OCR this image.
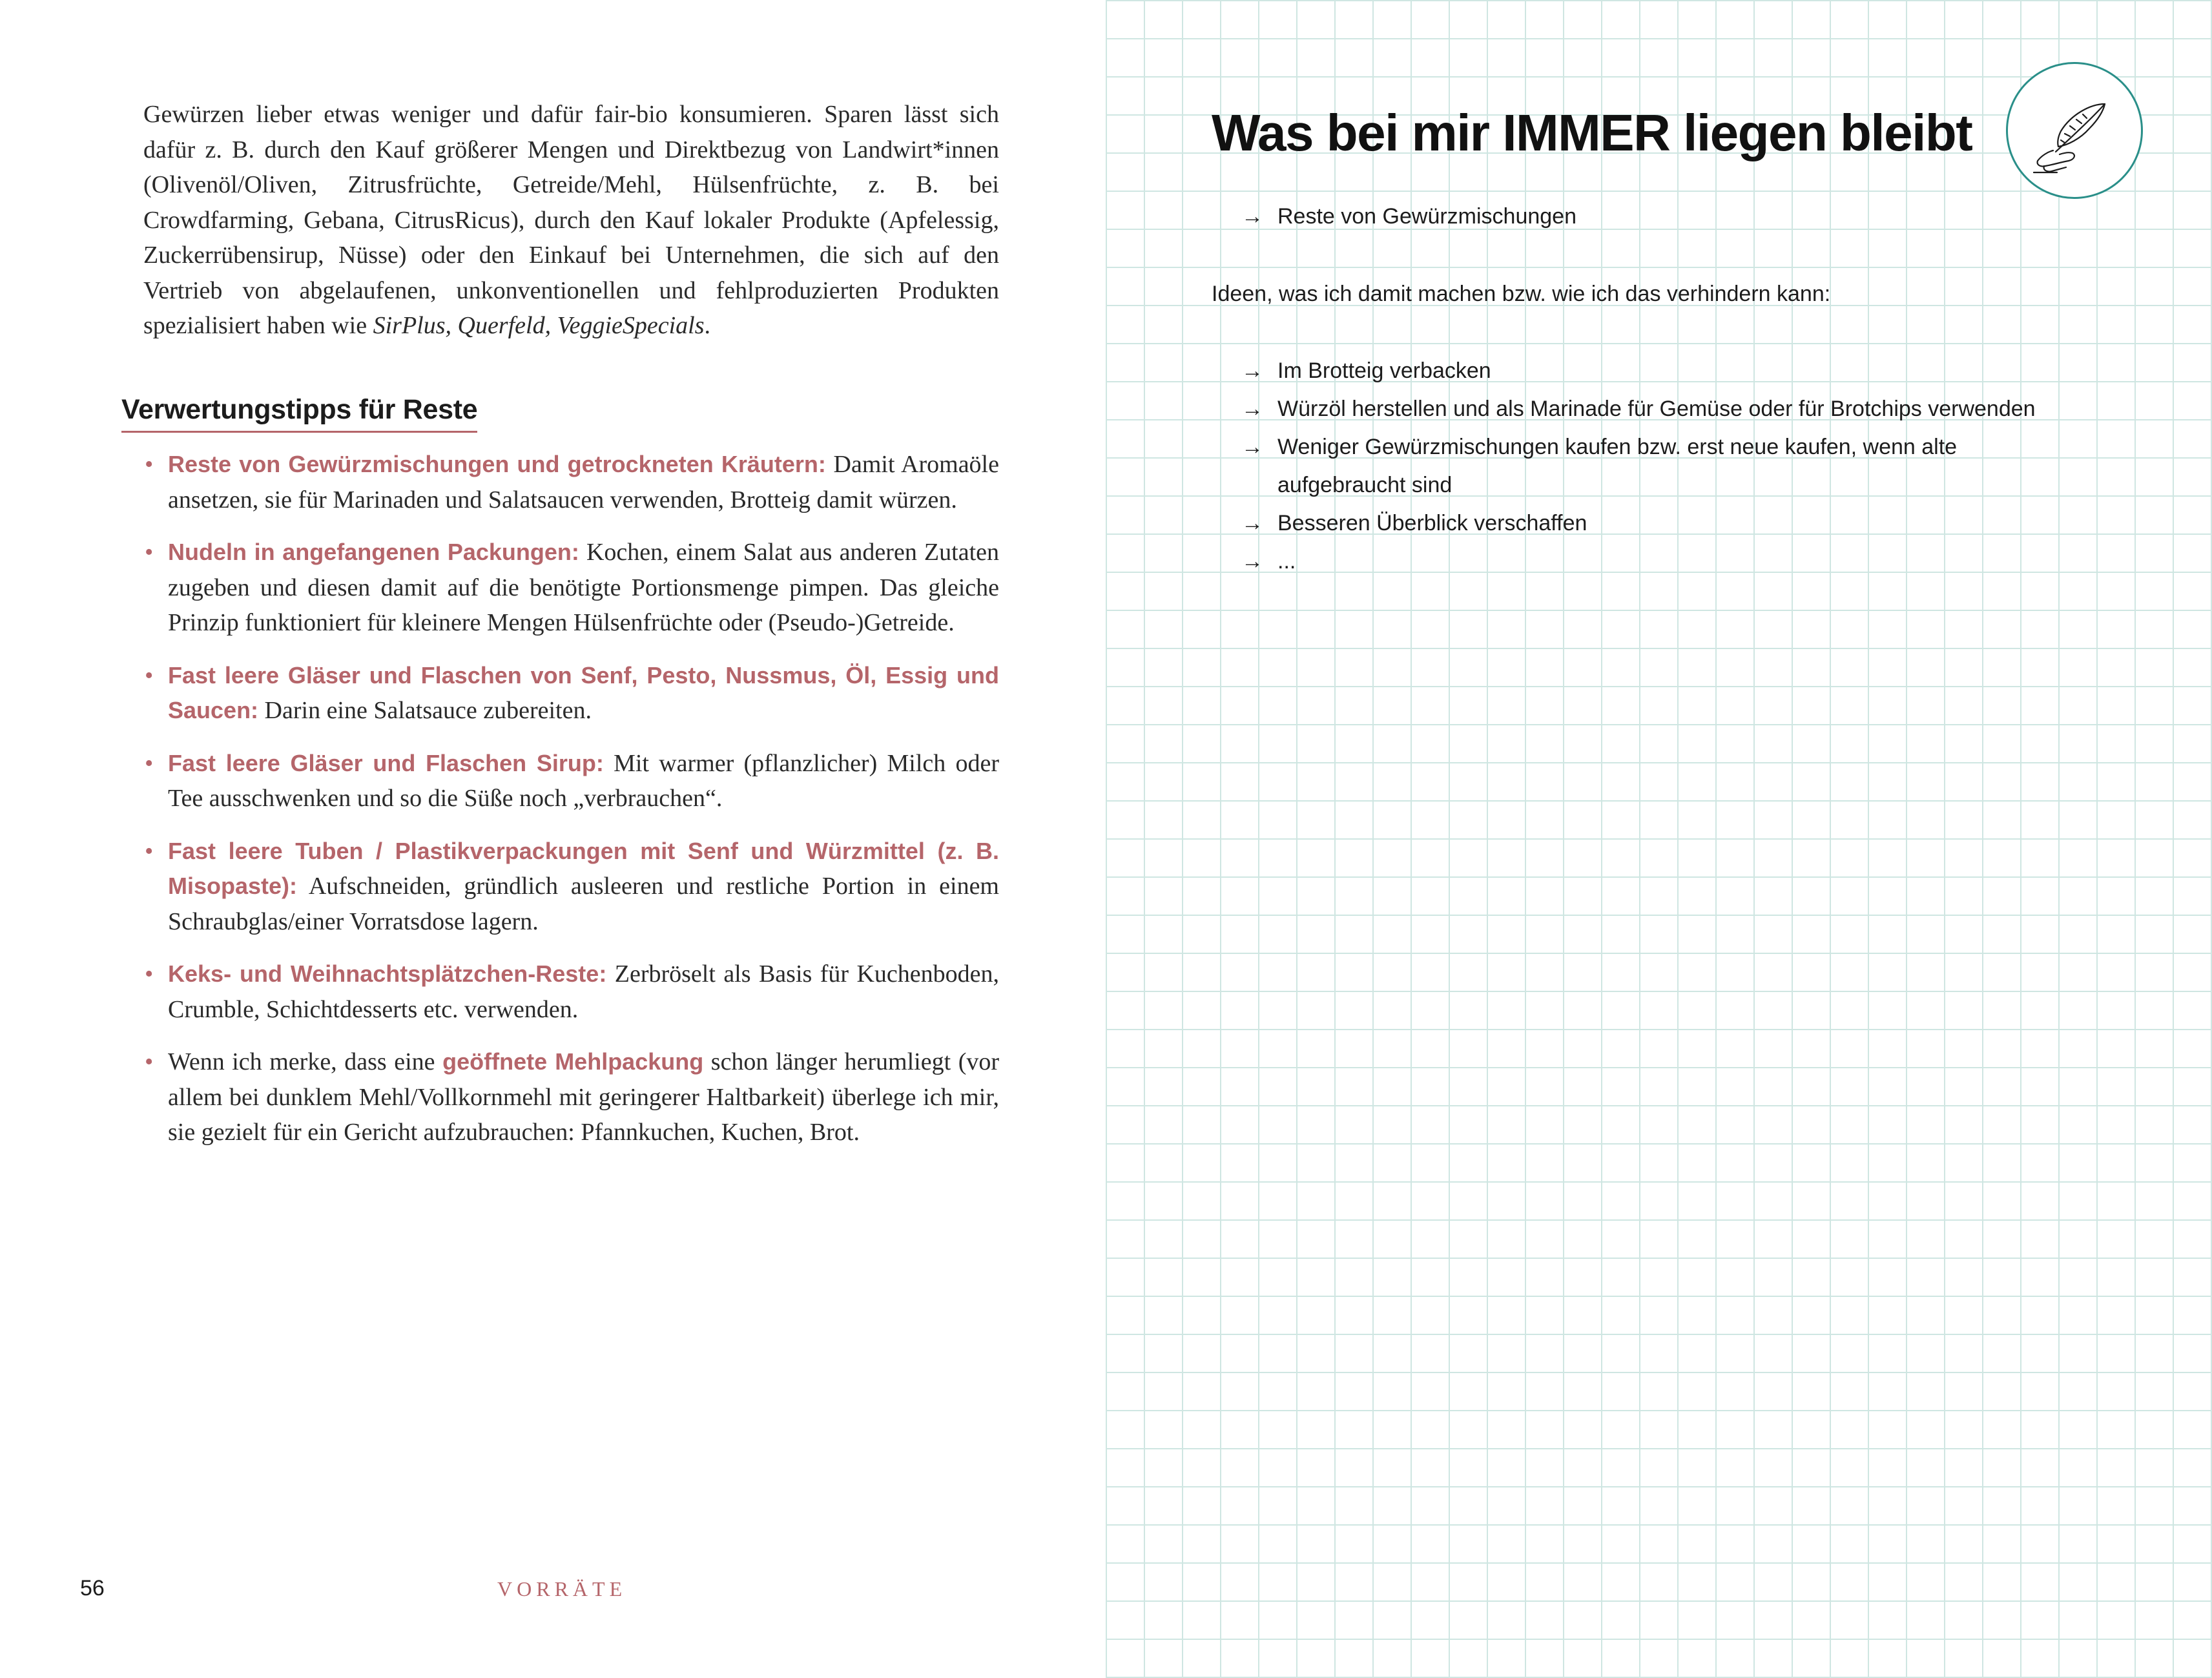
Gewürzen lieber etwas weniger und dafür fair-bio konsumieren. Sparen lässt sich dafür z. B. durch den Kauf größerer Mengen und Direktbezug von Landwirt*innen (Olivenöl/Oliven, Zitrusfrüchte, Getreide/Mehl, Hülsenfrüchte, z. B. bei Crowdfarming, Gebana, CitrusRicus), durch den Kauf lokaler Produkte (Apfelessig, Zuckerrübensirup, Nüsse) oder den Einkauf bei Unternehmen, die sich auf den Vertrieb von abgelaufenen, unkonventionellen und fehlproduzierten Produkten spezialisiert haben wie SirPlus, Querfeld, VeggieSpecials.

Verwertungstipps für Reste
• Reste von Gewürzmischungen und getrockneten Kräutern: Damit Aromaöle ansetzen, sie für Marinaden und Salatsaucen verwenden, Brotteig damit würzen.
• Nudeln in angefangenen Packungen: Kochen, einem Salat aus anderen Zutaten zugeben und diesen damit auf die benötigte Portionsmenge pimpen. Das gleiche Prinzip funktioniert für kleinere Mengen Hülsenfrüchte oder (Pseudo-)Getreide.
• Fast leere Gläser und Flaschen von Senf, Pesto, Nussmus, Öl, Essig und Saucen: Darin eine Salatsauce zubereiten.
• Fast leere Gläser und Flaschen Sirup: Mit warmer (pflanzlicher) Milch oder Tee ausschwenken und so die Süße noch „verbrauchen“.
• Fast leere Tuben / Plastikverpackungen mit Senf und Würzmittel (z. B. Misopaste): Aufschneiden, gründlich ausleeren und restliche Portion in einem Schraubglas/einer Vorratsdose lagern.
• Keks- und Weihnachtsplätzchen-Reste: Zerbröselt als Basis für Kuchenboden, Crumble, Schichtdesserts etc. verwenden.
• Wenn ich merke, dass eine geöffnete Mehlpackung schon länger herumliegt (vor allem bei dunklem Mehl/Vollkornmehl mit geringerer Haltbarkeit) überlege ich mir, sie gezielt für ein Gericht aufzubrauchen: Pfannkuchen, Kuchen, Brot.
56	VORRÄTE
Was bei mir IMMER liegen bleibt
→ Reste von Gewürzmischungen

Ideen, was ich damit machen bzw. wie ich das verhindern kann:

→ Im Brotteig verbacken
→ Würzöl herstellen und als Marinade für Gemüse oder für Brotchips verwenden
→ Weniger Gewürzmischungen kaufen bzw. erst neue kaufen, wenn alte aufgebraucht sind
→ Besseren Überblick verschaffen
→ ...
